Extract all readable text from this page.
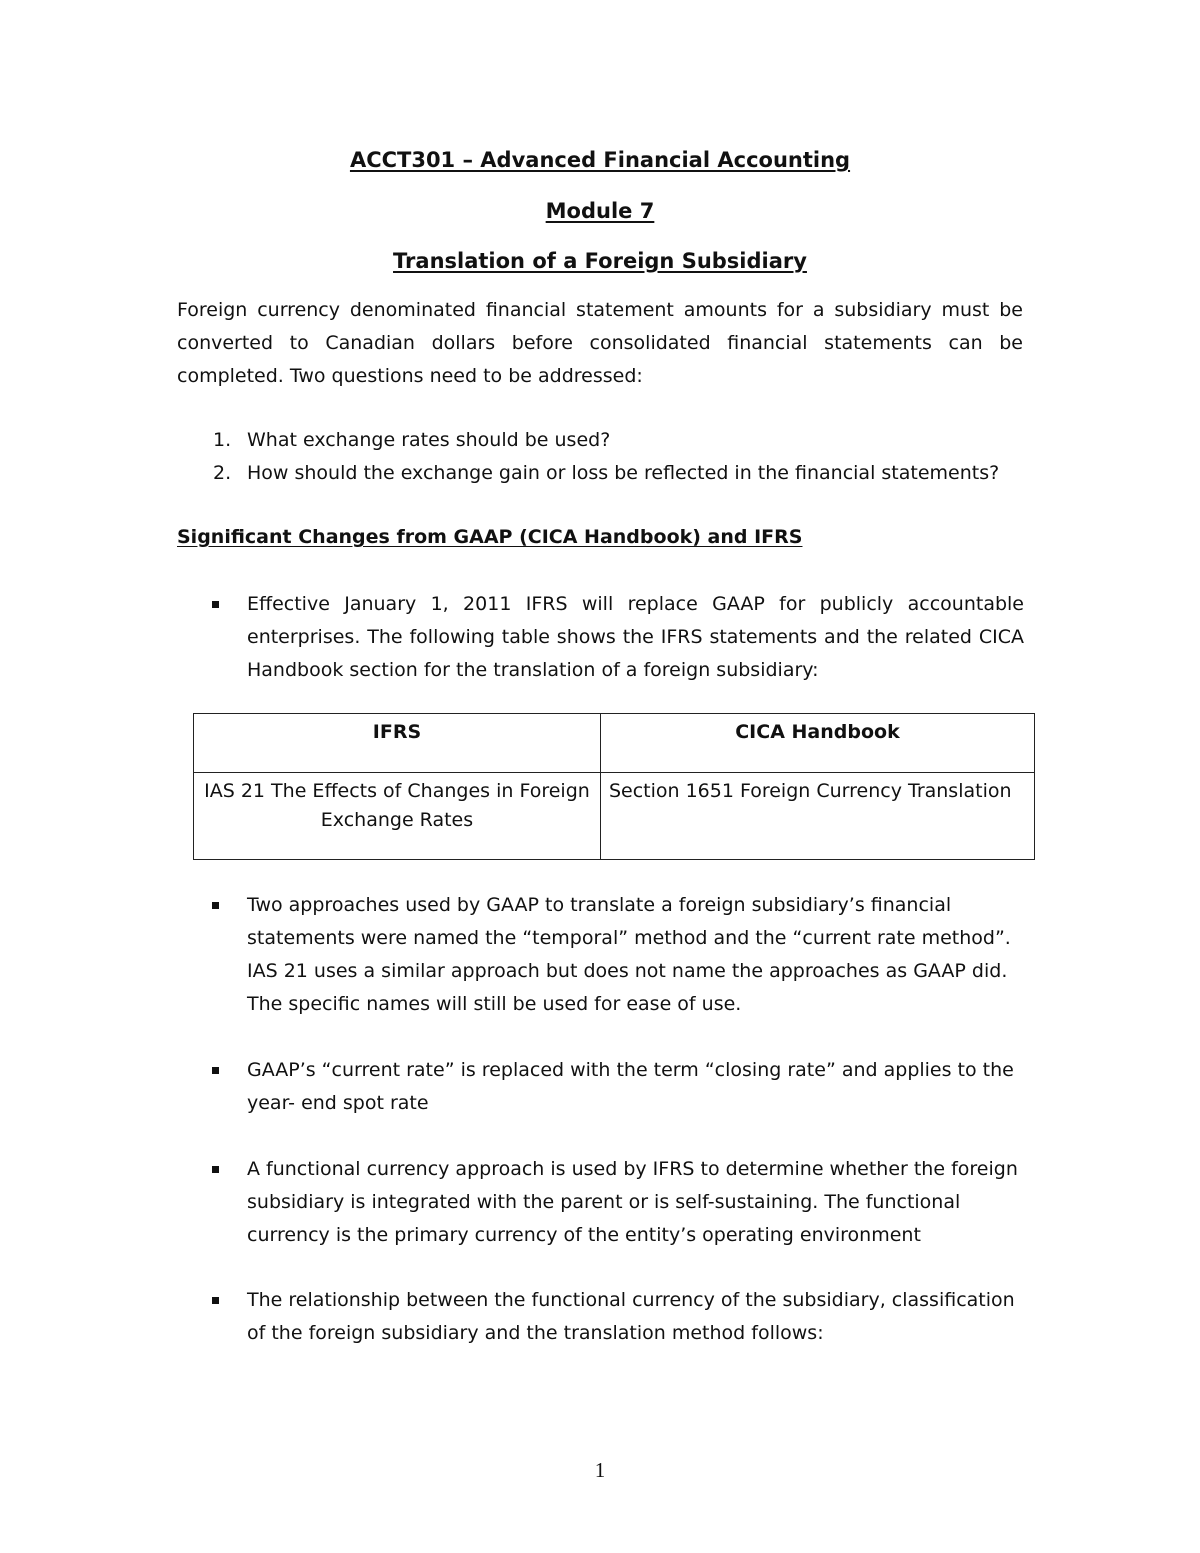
ACCT301 – Advanced Financial Accounting
Module 7
Translation of a Foreign Subsidiary

Foreign currency denominated financial statement amounts for a subsidiary must be converted to Canadian dollars before consolidated financial statements can be completed. Two questions need to be addressed:

1. What exchange rates should be used?
2. How should the exchange gain or loss be reflected in the financial statements?
Significant Changes from GAAP (CICA Handbook) and IFRS
Effective January 1, 2011 IFRS will replace GAAP for publicly accountable enterprises. The following table shows the IFRS statements and the related CICA Handbook section for the translation of a foreign subsidiary:
IFRS	CICA Handbook
IAS 21 The Effects of Changes in Foreign Exchange Rates	Section 1651 Foreign Currency Translation
Two approaches used by GAAP to translate a foreign subsidiary’s financial statements were named the “temporal” method and the “current rate method”. IAS 21 uses a similar approach but does not name the approaches as GAAP did. The specific names will still be used for ease of use.
GAAP’s “current rate” is replaced with the term “closing rate” and applies to the year- end spot rate
A functional currency approach is used by IFRS to determine whether the foreign subsidiary is integrated with the parent or is self-sustaining. The functional currency is the primary currency of the entity’s operating environment
The relationship between the functional currency of the subsidiary, classification of the foreign subsidiary and the translation method follows:
1
